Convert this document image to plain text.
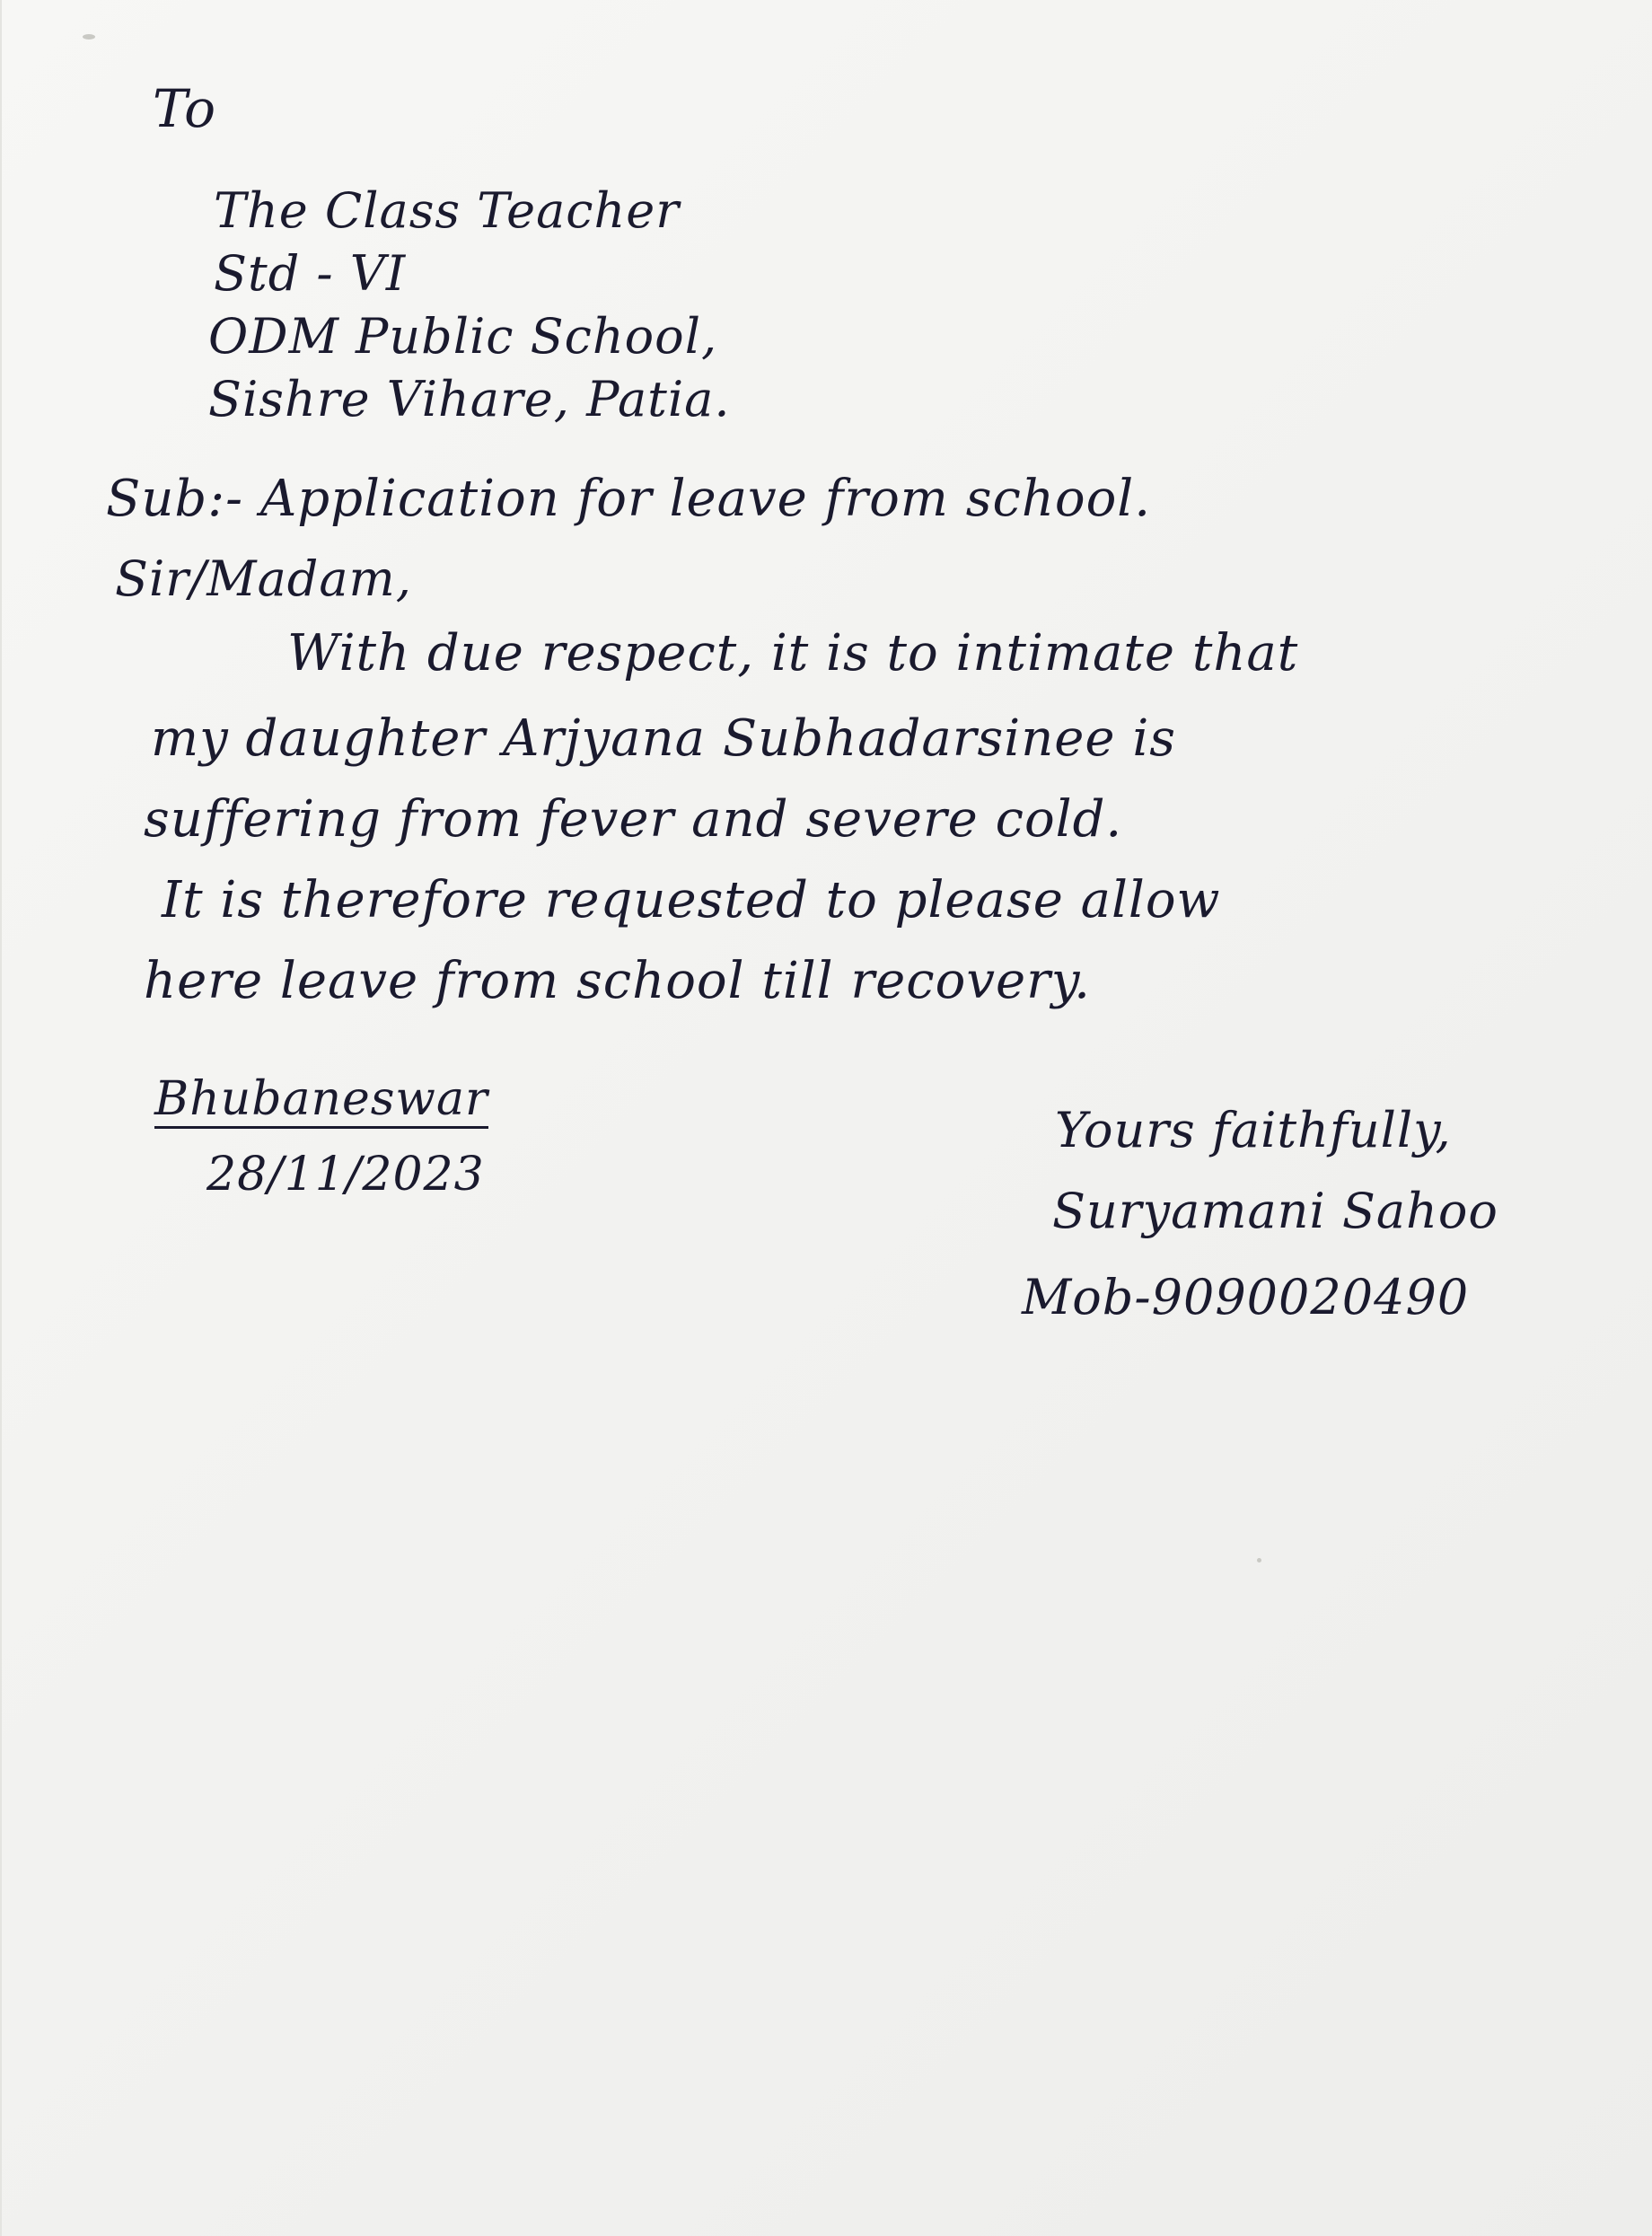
To
The Class Teacher
Std - VI
ODM Public School,
Sishre Vihare, Patia.
Sub:- Application for leave from school.
Sir/Madam,
With due respect, it is to intimate that
my daughter Arjyana Subhadarsinee is
suffering from fever and severe cold.
It is therefore requested to please allow
here leave from school till recovery.
Bhubaneswar
28/11/2023
Yours faithfully,
Suryamani Sahoo
Mob-9090020490
